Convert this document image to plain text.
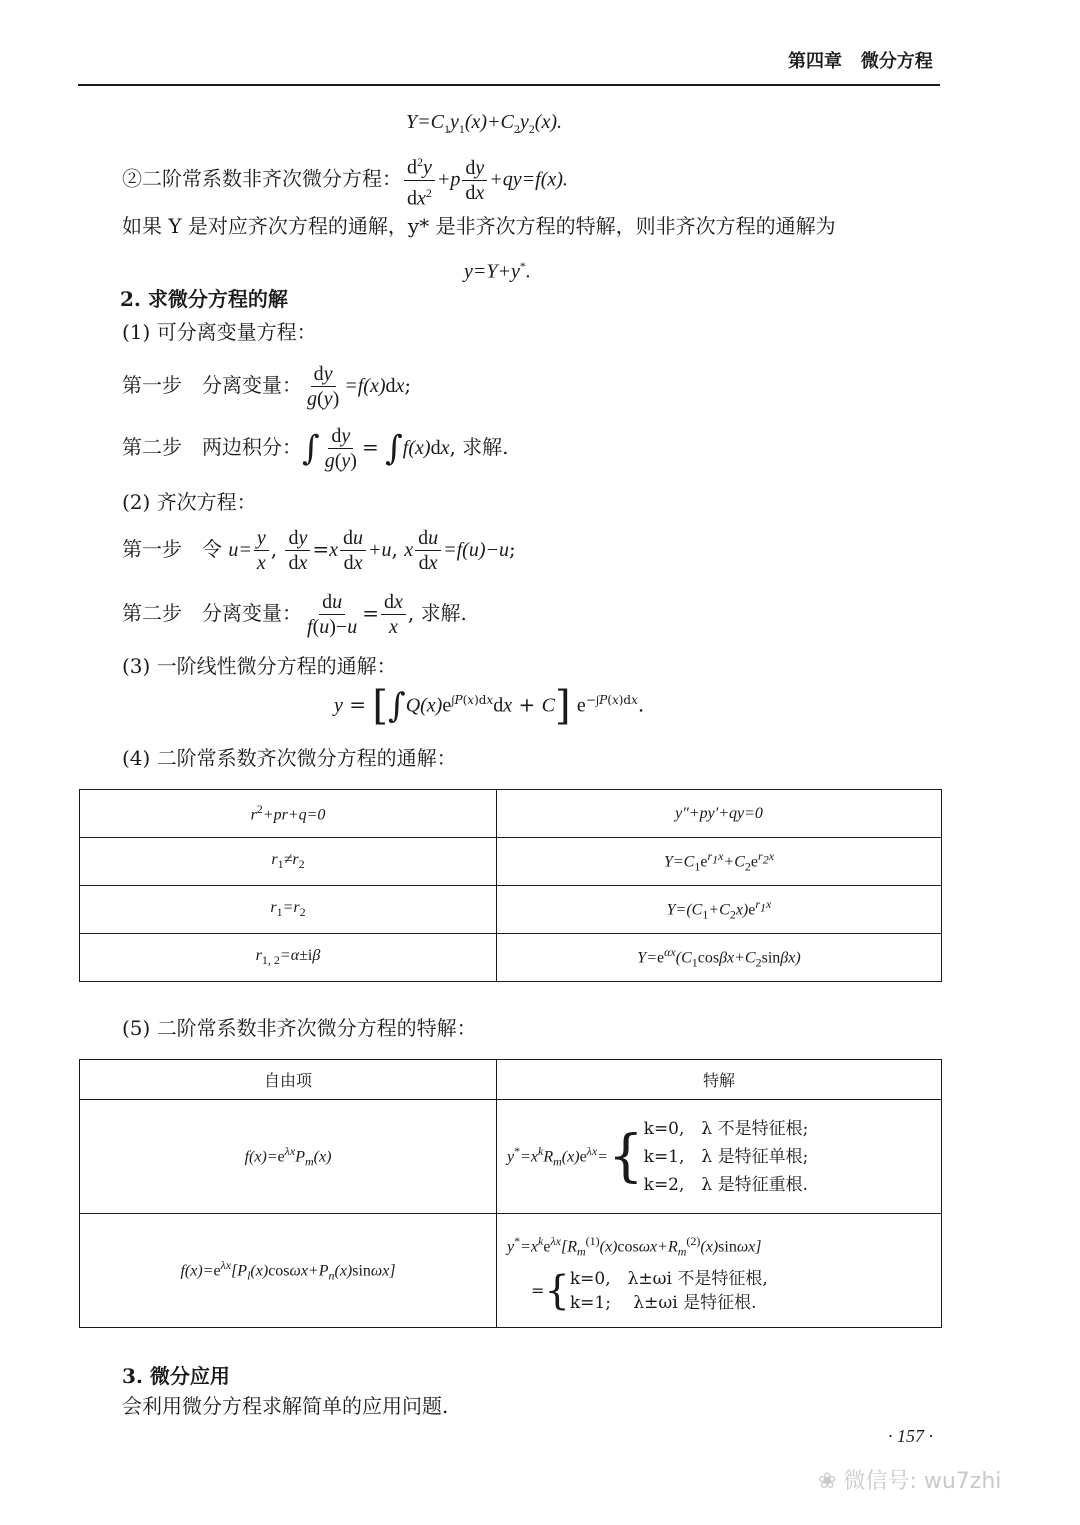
第四章 微分方程
$Y=C_1y_1(x)+C_2y_2(x)$.
②二阶常系数非齐次微分方程： $\frac{d^2y}{dx^2} +p \frac{dy}{dx} +qy=f(x)$.
如果 Y 是对应齐次方程的通解，y* 是非齐次方程的特解，则非齐次方程的通解为
y=Y+y*.
2. 求微分方程的解
(1) 可分离变量方程：
第一步　分离变量： $\frac{dy}{g(y)} =f(x)dx$;
第二步　两边积分：∫ $\frac{dy}{g(y)} = \int f(x)dx$, 求解.
(2) 齐次方程：
第一步　令 $u= \frac{y}{x}$ , $\frac{dy}{dx} =x \frac{du}{dx} +u$, x $\frac{du}{dx} =f(u)-u$;
第二步　分离变量： $\frac{du}{f(u)-u} = \frac{dx}{x}$ , 求解.
(3) 一阶线性微分方程的通解：
$y = [\int Q(x)e^{\int P(x)dx}dx + C]$ $e^{-\int P(x)dx}$.
(4) 二阶常系数齐次微分方程的通解：
$r^2+pr+q=0$	y″+py′+qy=0
$r_1\ne r_2$	$Y=C_1e^{r_1x}+C_2e^{r_2x}$
$r_1=r_2$	$Y=(C_1+C_2x)e^{r_1x}$
$r_{1, 2}=\alpha\pm i\beta$	$Y=e^{\alpha x}(C_1\cos\beta x+C_2\sin\beta x)$
(5) 二阶常系数非齐次微分方程的特解：
自由项	特解
$f(x)=e^{\lambda x}P_m(x)$	$y^*=x^kR_m(x)e^{\lambda x}=$ { k=0,　λ 不是特征根;
k=1,　λ 是特征单根;
k=2,　λ 是特征重根.

$f(x)=e^{\lambda x}[P_l(x)\cos\omega x+P_n(x)\sin\omega x]$	$y^*=x^ke^{\lambda x}[R_m^{(1)}(x)\cos\omega x+R_m^{(2)}(x)\sin\omega x]$
= { k=0,　λ±ωi 不是特征根,
k=1;　 λ±ωi 是特征根.
3. 微分应用
会利用微分方程求解简单的应用问题.
· 157 ·
❀ 微信号: wu7zhi
